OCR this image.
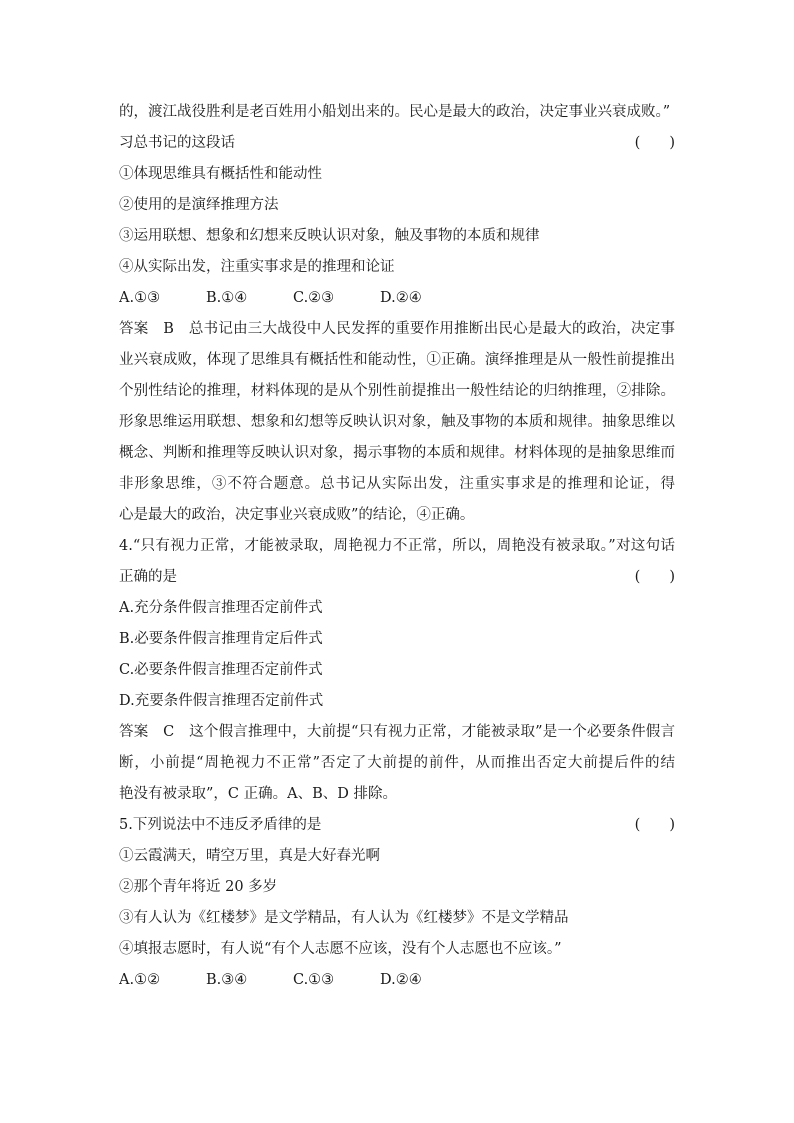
的，渡江战役胜利是老百姓用小船划出来的。民心是最大的政治，决定事业兴衰成败。”
习总书记的这段话	(　　)
①体现思维具有概括性和能动性
②使用的是演绎推理方法
③运用联想、想象和幻想来反映认识对象，触及事物的本质和规律
④从实际出发，注重实事求是的推理和论证
A.①③	B.①④	C.②③	D.②④
答案　B　总书记由三大战役中人民发挥的重要作用推断出民心是最大的政治，决定事
业兴衰成败，体现了思维具有概括性和能动性，①正确。演绎推理是从一般性前提推出
个别性结论的推理，材料体现的是从个别性前提推出一般性结论的归纳推理，②排除。
形象思维运用联想、想象和幻想等反映认识对象，触及事物的本质和规律。抽象思维以
概念、判断和推理等反映认识对象，揭示事物的本质和规律。材料体现的是抽象思维而
非形象思维，③不符合题意。总书记从实际出发，注重实事求是的推理和论证，得
心是最大的政治，决定事业兴衰成败”的结论，④正确。
4.“只有视力正常，才能被录取，周艳视力不正常，所以，周艳没有被录取。”对这句话
正确的是	(　　)
A.充分条件假言推理否定前件式
B.必要条件假言推理肯定后件式
C.必要条件假言推理否定前件式
D.充要条件假言推理否定前件式
答案　C　这个假言推理中，大前提“只有视力正常，才能被录取”是一个必要条件假言
断，小前提“周艳视力不正常”否定了大前提的前件，从而推出否定大前提后件的结
艳没有被录取”，C 正确。A、B、D 排除。
5.下列说法中不违反矛盾律的是	(　　)
①云霞满天，晴空万里，真是大好春光啊
②那个青年将近 20 多岁
③有人认为《红楼梦》是文学精品，有人认为《红楼梦》不是文学精品
④填报志愿时，有人说“有个人志愿不应该，没有个人志愿也不应该。”
A.①②	B.③④	C.①③	D.②④
